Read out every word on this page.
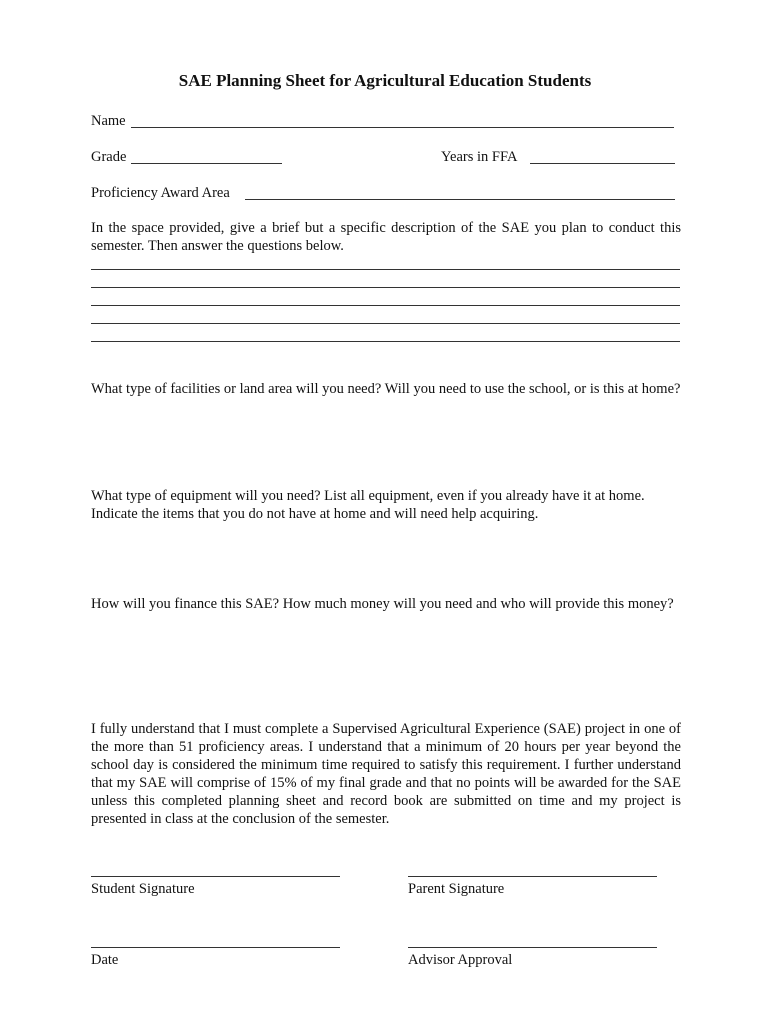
SAE Planning Sheet for Agricultural Education Students
Name
Grade	Years in FFA
Proficiency Award Area
In the space provided, give a brief but a specific description of the SAE you plan to conduct this semester. Then answer the questions below.
What type of facilities or land area will you need? Will you need to use the school, or is this at home?
What type of equipment will you need? List all equipment, even if you already have it at home. Indicate the items that you do not have at home and will need help acquiring.
How will you finance this SAE? How much money will you need and who will provide this money?
I fully understand that I must complete a Supervised Agricultural Experience (SAE) project in one of the more than 51 proficiency areas. I understand that a minimum of 20 hours per year beyond the school day is considered the minimum time required to satisfy this requirement. I further understand that my SAE will comprise of 15% of my final grade and that no points will be awarded for the SAE unless this completed planning sheet and record book are submitted on time and my project is presented in class at the conclusion of the semester.
Student Signature	Parent Signature
Date	Advisor Approval
